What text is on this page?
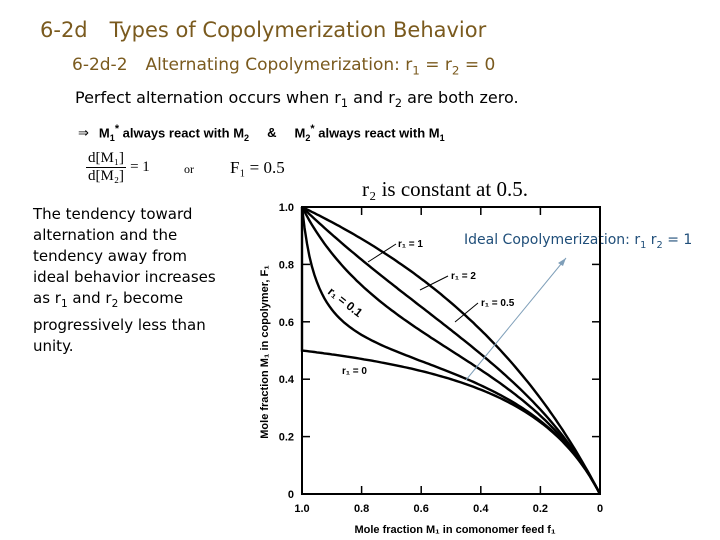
6-2d Types of Copolymerization Behavior
6-2d-2 Alternating Copolymerization: $r_1 = r_2 = 0$
Perfect alternation occurs when $r_1$ and $r_2$ are both zero.
⇒ $M_1^*$ always react with $M_2$ & $M_2^*$ always react with $M_1$
$\frac{\text{d[M₁]}}{\text{d[M₂]}} = 1$	or F₁ = 0.5
r₂ is constant at 0.5.
The tendency toward alternation and the tendency away from ideal behavior increases as $r_1$ and $r_2$ become progressively less than unity.
Ideal Copolymerization: $r_1$ $r_2 = 1$
0
0.2
0.4
0.6
0.8
1.0
1.0	0.8	0.6	0.4	0.2	0
r₁ = 1
r₁ = 2
r₁ = 0.5
r₁ = 0
r₁ = 0.1
Mole fraction M₁ in comonomer feed f₁
Mole fraction M₁ in copolymer, F₁
